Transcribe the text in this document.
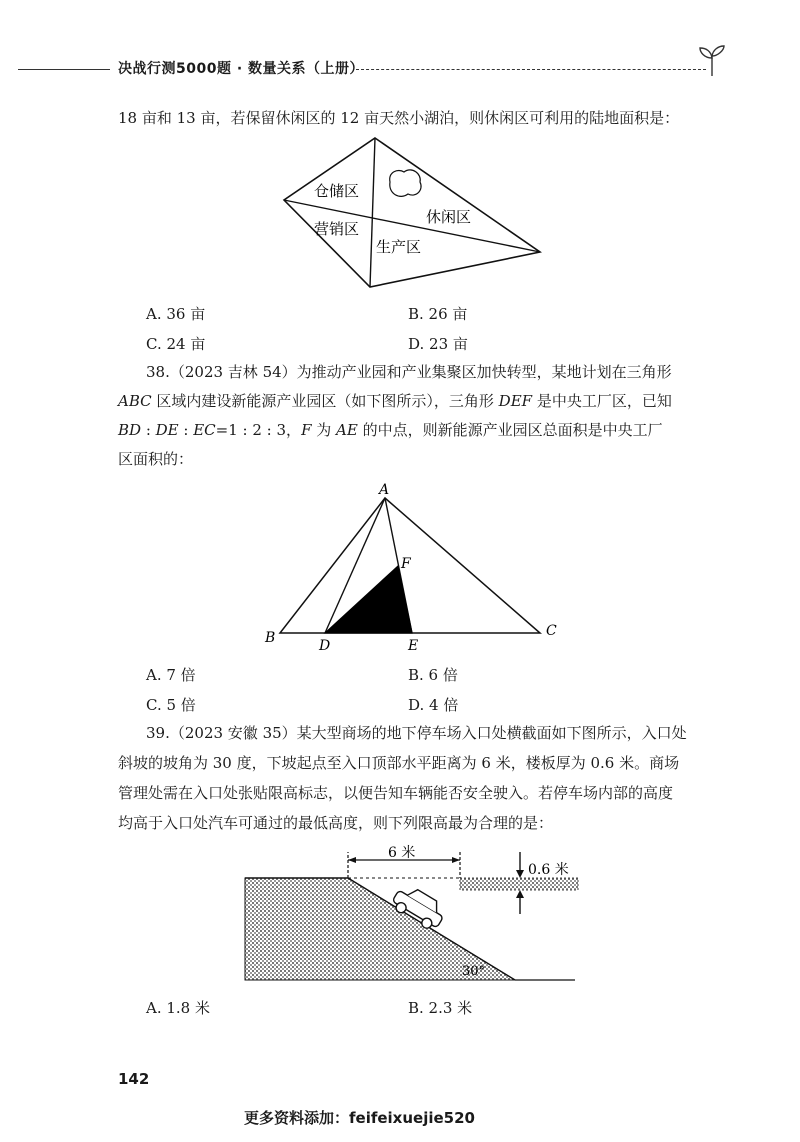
决战行测5000题 · 数量关系（上册）
18 亩和 13 亩，若保留休闲区的 12 亩天然小湖泊，则休闲区可利用的陆地面积是：
仓储区
休闲区
营销区
生产区
A. 36 亩	B. 26 亩
C. 24 亩	D. 23 亩
38.（2023 吉林 54）为推动产业园和产业集聚区加快转型，某地计划在三角形
ABC 区域内建设新能源产业园区（如下图所示），三角形 DEF 是中央工厂区，已知
BD : DE : EC=1 : 2 : 3，F 为 AE 的中点，则新能源产业园区总面积是中央工厂
区面积的：
A
B	C
D	E
F
A. 7 倍	B. 6 倍
C. 5 倍	D. 4 倍
39.（2023 安徽 35）某大型商场的地下停车场入口处横截面如下图所示，入口处
斜坡的坡角为 30 度，下坡起点至入口顶部水平距离为 6 米，楼板厚为 0.6 米。商场
管理处需在入口处张贴限高标志，以便告知车辆能否安全驶入。若停车场内部的高度
均高于入口处汽车可通过的最低高度，则下列限高最为合理的是：
6 米
0.6 米
30°
A. 1.8 米	B. 2.3 米
142
更多资料添加：feifeixuejie520
